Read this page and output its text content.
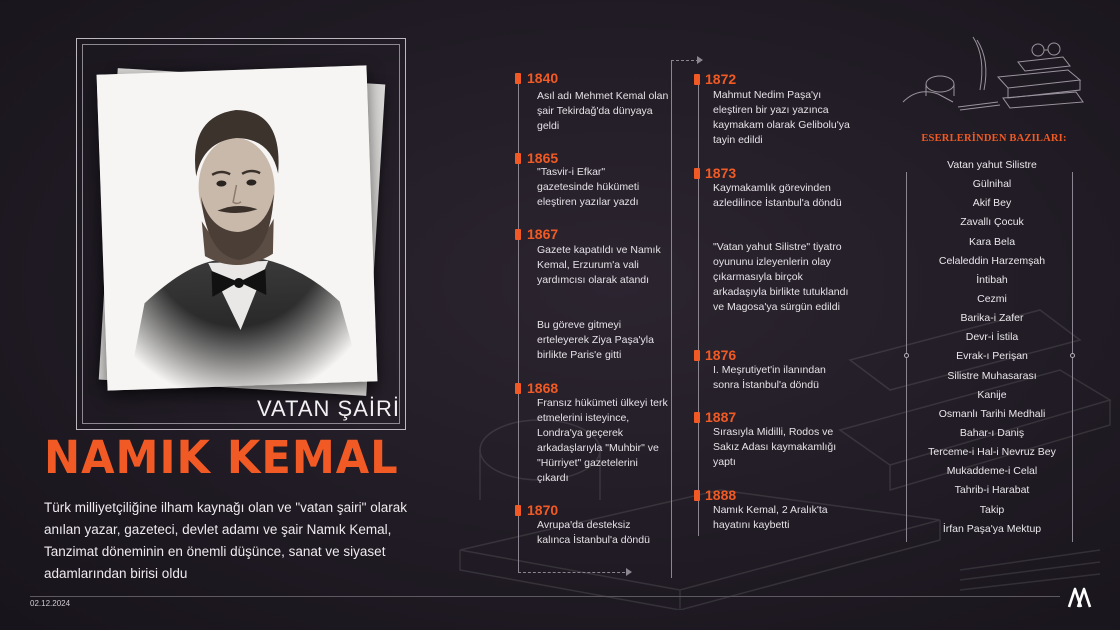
VATAN ŞAİRİ
NAMIK KEMAL
Türk milliyetçiliğine ilham kaynağı olan ve "vatan şairi" olarak anılan yazar, gazeteci, devlet adamı ve şair Namık Kemal, Tanzimat döneminin en önemli düşünce, sanat ve siyaset adamlarından birisi oldu
1840
Asıl adı Mehmet Kemal olan şair Tekirdağ'da dünyaya geldi
1865
"Tasvir-i Efkar" gazetesinde hükümeti eleştiren yazılar yazdı
1867
Gazete kapatıldı ve Namık Kemal, Erzurum'a vali yardımcısı olarak atandı
Bu göreve gitmeyi erteleyerek Ziya Paşa'yla birlikte Paris'e gitti
1868
Fransız hükümeti ülkeyi terk etmelerini isteyince, Londra'ya geçerek arkadaşlarıyla "Muhbir" ve "Hürriyet" gazetelerini çıkardı
1870
Avrupa'da desteksiz kalınca İstanbul'a döndü
1872
Mahmut Nedim Paşa'yı eleştiren bir yazı yazınca kaymakam olarak Gelibolu'ya tayin edildi
1873
Kaymakamlık görevinden azledilince İstanbul'a döndü
"Vatan yahut Silistre" tiyatro oyununu izleyenlerin olay çıkarmasıyla birçok arkadaşıyla birlikte tutuklandı ve Magosa'ya sürgün edildi
1876
I. Meşrutiyet'in ilanından sonra İstanbul'a döndü
1887
Sırasıyla Midilli, Rodos ve Sakız Adası kaymakamlığı yaptı
1888
Namık Kemal, 2 Aralık'ta hayatını kaybetti
ESERLERİNDEN BAZILARI:
Vatan yahut Silistre
Gülnihal
Akif Bey
Zavallı Çocuk
Kara Bela
Celaleddin Harzemşah
İntibah
Cezmi
Barika-i Zafer
Devr-i İstila
Evrak-ı Perişan
Silistre Muhasarası
Kanije
Osmanlı Tarihi Medhali
Bahar-ı Daniş
Terceme-i Hal-i Nevruz Bey
Mukaddeme-i Celal
Tahrib-i Harabat
Takip
İrfan Paşa'ya Mektup
02.12.2024
